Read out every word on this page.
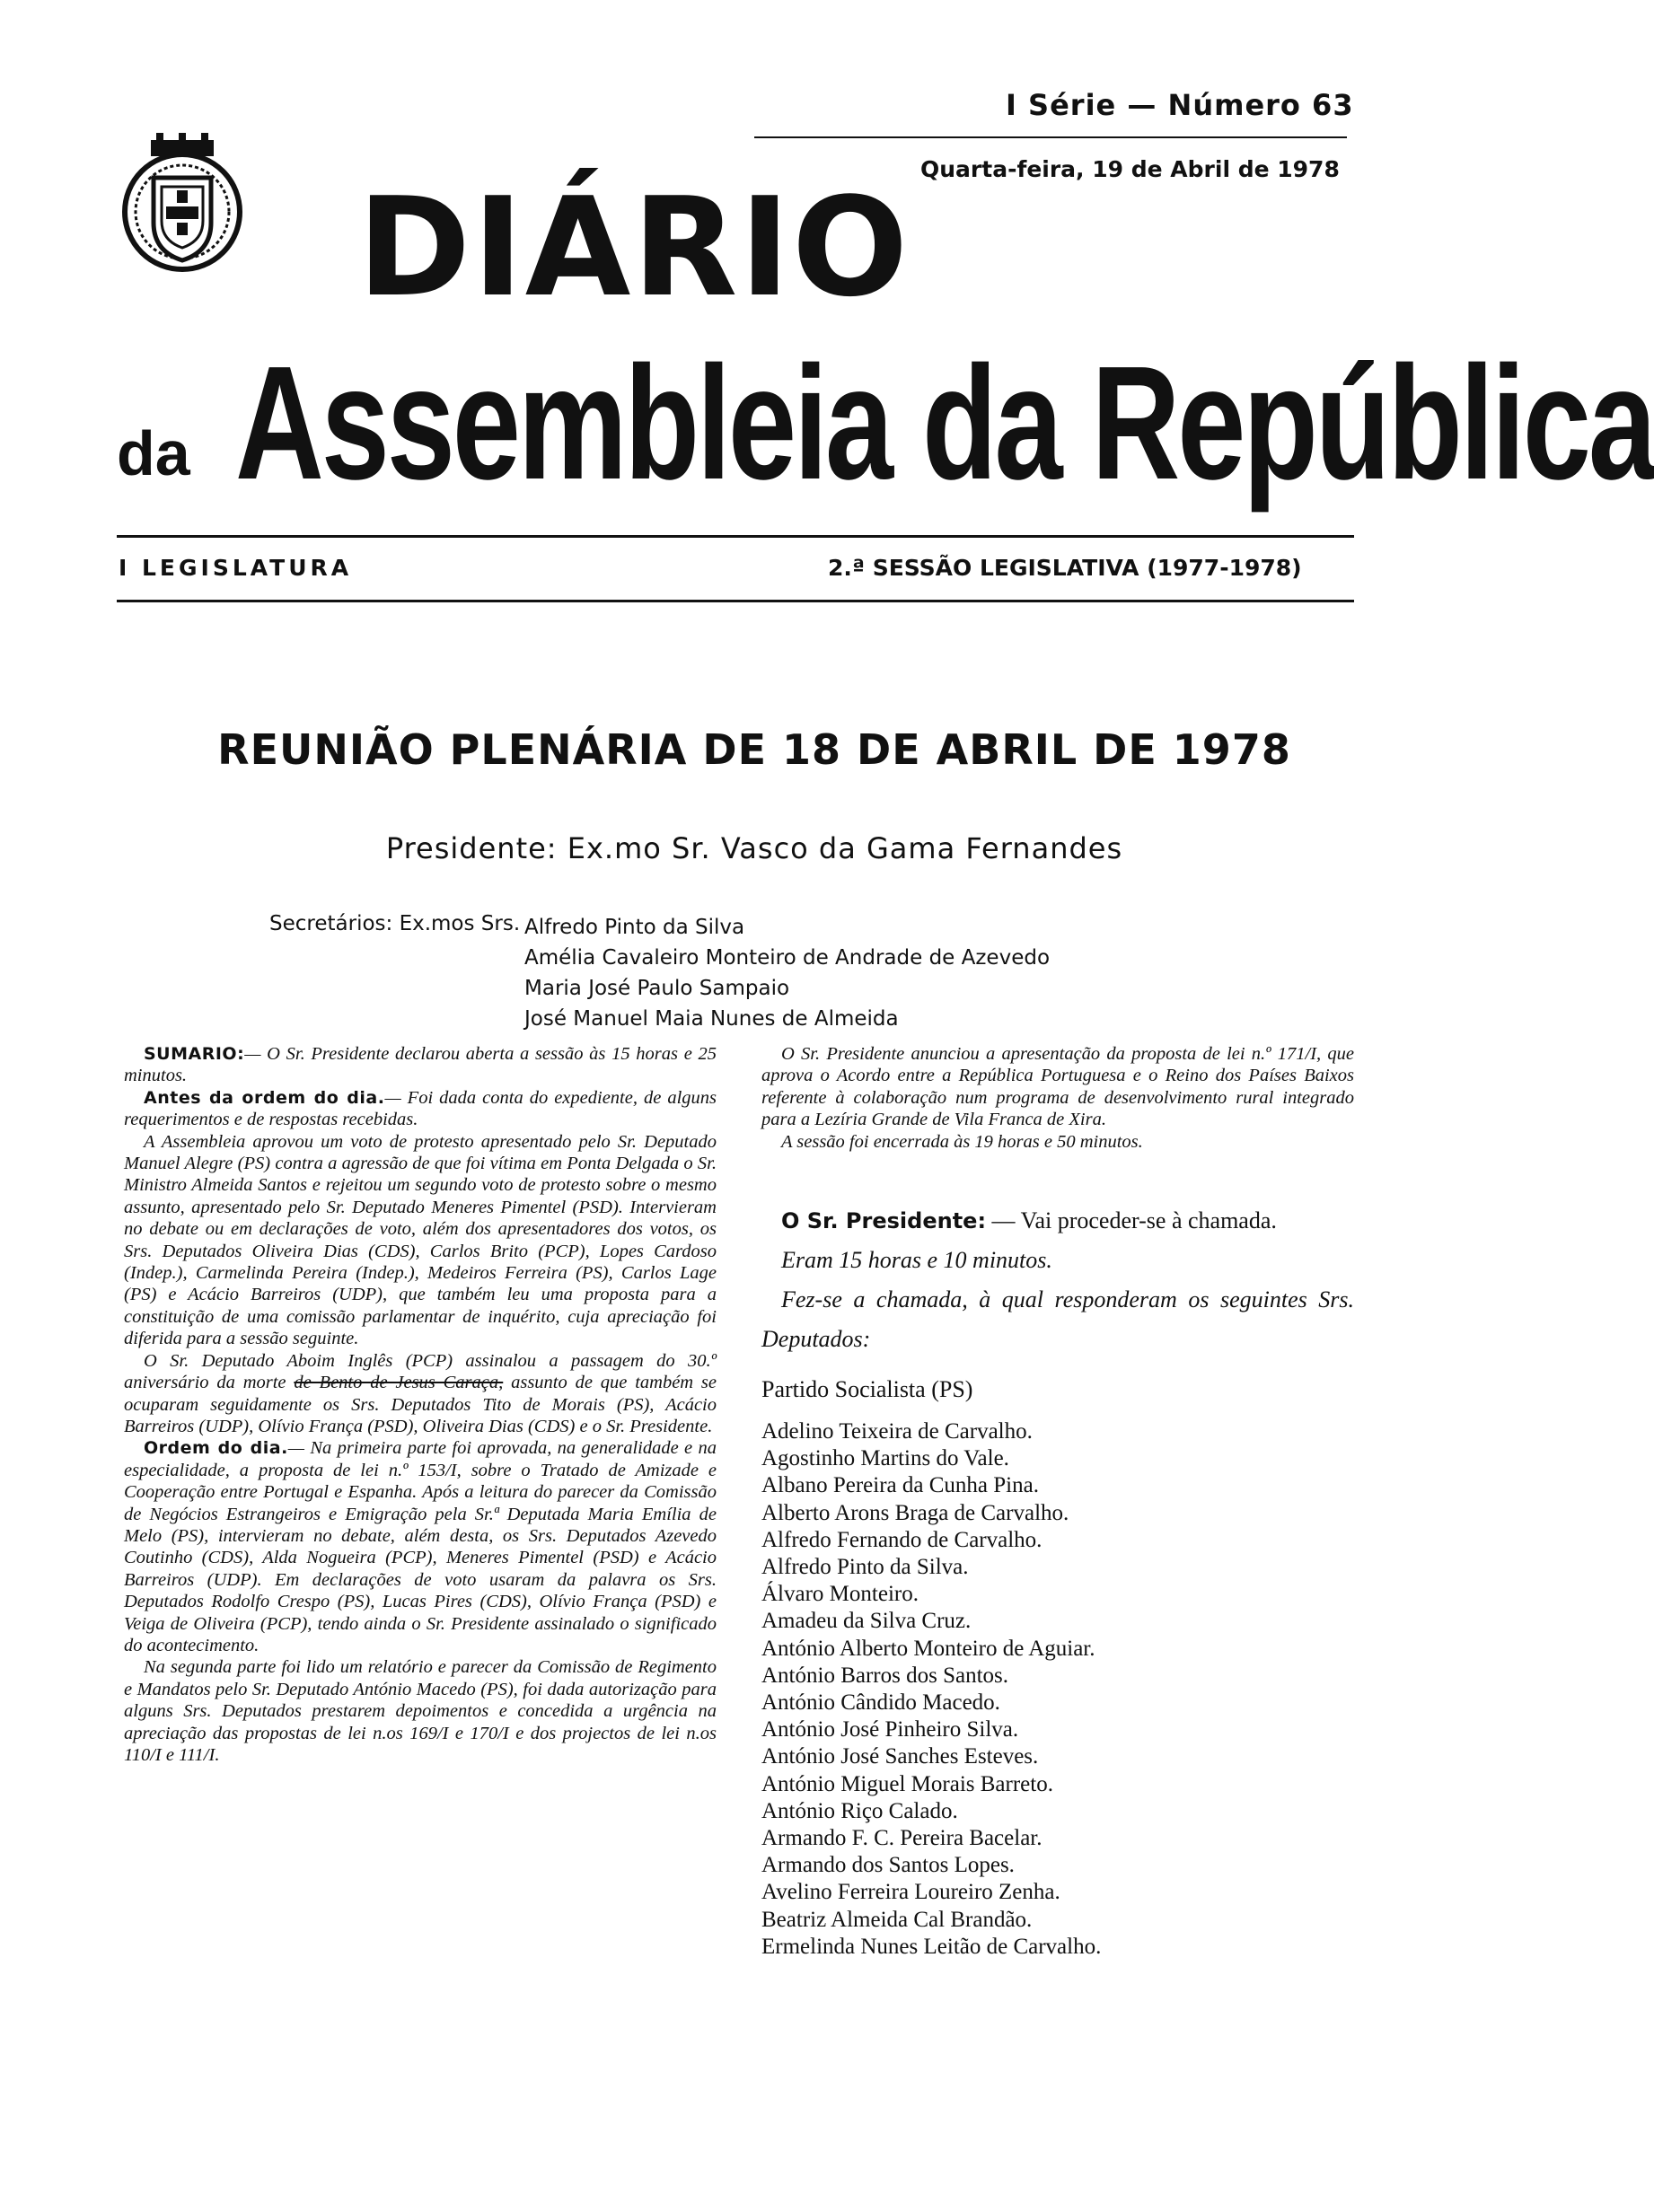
I Série — Número 63
Quarta-feira, 19 de Abril de 1978
DIÁRIO
da Assembleia da República
I LEGISLATURA	2.ª SESSÃO LEGISLATIVA (1977-1978)
REUNIÃO PLENÁRIA DE 18 DE ABRIL DE 1978
Presidente: Ex.mo Sr. Vasco da Gama Fernandes
Secretários: Ex.mos Srs. Alfredo Pinto da Silva
Amélia Cavaleiro Monteiro de Andrade de Azevedo
Maria José Paulo Sampaio
José Manuel Maia Nunes de Almeida

SUMARIO:— O Sr. Presidente declarou aberta a sessão às 15 horas e 25 minutos.

Antes da ordem do dia.— Foi dada conta do expediente, de alguns requerimentos e de respostas recebidas.

A Assembleia aprovou um voto de protesto apresentado pelo Sr. Deputado Manuel Alegre (PS) contra a agressão de que foi vítima em Ponta Delgada o Sr. Ministro Almeida Santos e rejeitou um segundo voto de protesto sobre o mesmo assunto, apresentado pelo Sr. Deputado Meneres Pimentel (PSD). Intervieram no debate ou em declarações de voto, além dos apresentadores dos votos, os Srs. Deputados Oliveira Dias (CDS), Carlos Brito (PCP), Lopes Cardoso (Indep.), Carmelinda Pereira (Indep.), Medeiros Ferreira (PS), Carlos Lage (PS) e Acácio Barreiros (UDP), que também leu uma proposta para a constituição de uma comissão parlamentar de inquérito, cuja apreciação foi diferida para a sessão seguinte.

O Sr. Deputado Aboim Inglês (PCP) assinalou a passagem do 30.º aniversário da morte de Bento de Jesus Caraça, assunto de que também se ocuparam seguidamente os Srs. Deputados Tito de Morais (PS), Acácio Barreiros (UDP), Olívio França (PSD), Oliveira Dias (CDS) e o Sr. Presidente.

Ordem do dia.— Na primeira parte foi aprovada, na generalidade e na especialidade, a proposta de lei n.º 153/I, sobre o Tratado de Amizade e Cooperação entre Portugal e Espanha. Após a leitura do parecer da Comissão de Negócios Estrangeiros e Emigração pela Sr.ª Deputada Maria Emília de Melo (PS), intervieram no debate, além desta, os Srs. Deputados Azevedo Coutinho (CDS), Alda Nogueira (PCP), Meneres Pimentel (PSD) e Acácio Barreiros (UDP). Em declarações de voto usaram da palavra os Srs. Deputados Rodolfo Crespo (PS), Lucas Pires (CDS), Olívio França (PSD) e Veiga de Oliveira (PCP), tendo ainda o Sr. Presidente assinalado o significado do acontecimento.

Na segunda parte foi lido um relatório e parecer da Comissão de Regimento e Mandatos pelo Sr. Deputado António Macedo (PS), foi dada autorização para alguns Srs. Deputados prestarem depoimentos e concedida a urgência na apreciação das propostas de lei n.os 169/I e 170/I e dos projectos de lei n.os 110/I e 111/I.

O Sr. Presidente anunciou a apresentação da proposta de lei n.º 171/I, que aprova o Acordo entre a República Portuguesa e o Reino dos Países Baixos referente à colaboração num programa de desenvolvimento rural integrado para a Lezíria Grande de Vila Franca de Xira.

A sessão foi encerrada às 19 horas e 50 minutos.

O Sr. Presidente: — Vai proceder-se à chamada.

Eram 15 horas e 10 minutos.

Fez-se a chamada, à qual responderam os seguintes Srs. Deputados:

Partido Socialista (PS)

Adelino Teixeira de Carvalho.
Agostinho Martins do Vale.
Albano Pereira da Cunha Pina.
Alberto Arons Braga de Carvalho.
Alfredo Fernando de Carvalho.
Alfredo Pinto da Silva.
Álvaro Monteiro.
Amadeu da Silva Cruz.
António Alberto Monteiro de Aguiar.
António Barros dos Santos.
António Cândido Macedo.
António José Pinheiro Silva.
António José Sanches Esteves.
António Miguel Morais Barreto.
António Riço Calado.
Armando F. C. Pereira Bacelar.
Armando dos Santos Lopes.
Avelino Ferreira Loureiro Zenha.
Beatriz Almeida Cal Brandão.
Ermelinda Nunes Leitão de Carvalho.
